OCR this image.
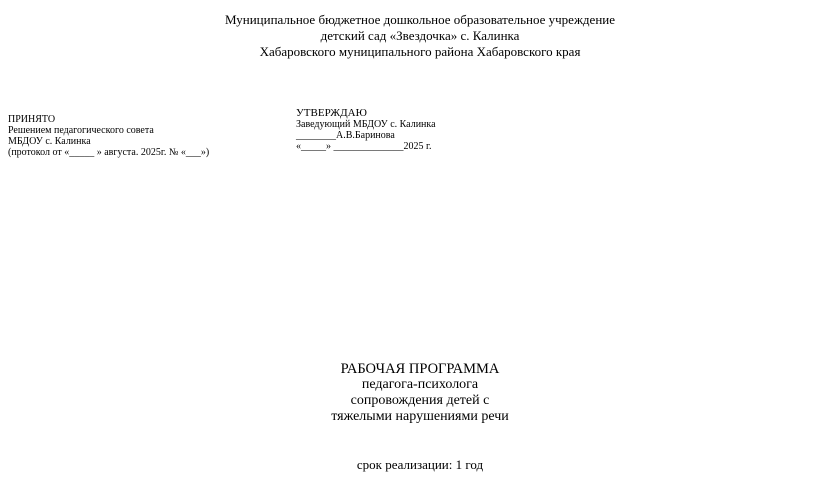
Муниципальное бюджетное дошкольное образовательное учреждение
детский сад «Звездочка» с. Калинка
Хабаровского муниципального района Хабаровского края
ПРИНЯТО
Решением педагогического совета
МБДОУ с. Калинка
(протокол от «_____ » августа. 2025г. № «___»)
УТВЕРЖДАЮ
Заведующий МБДОУ с. Калинка
________А.В.Баринова
«_____» ______________2025 г.
РАБОЧАЯ ПРОГРАММА
педагога-психолога
сопровождения детей с
тяжелыми нарушениями речи
срок реализации: 1 год
